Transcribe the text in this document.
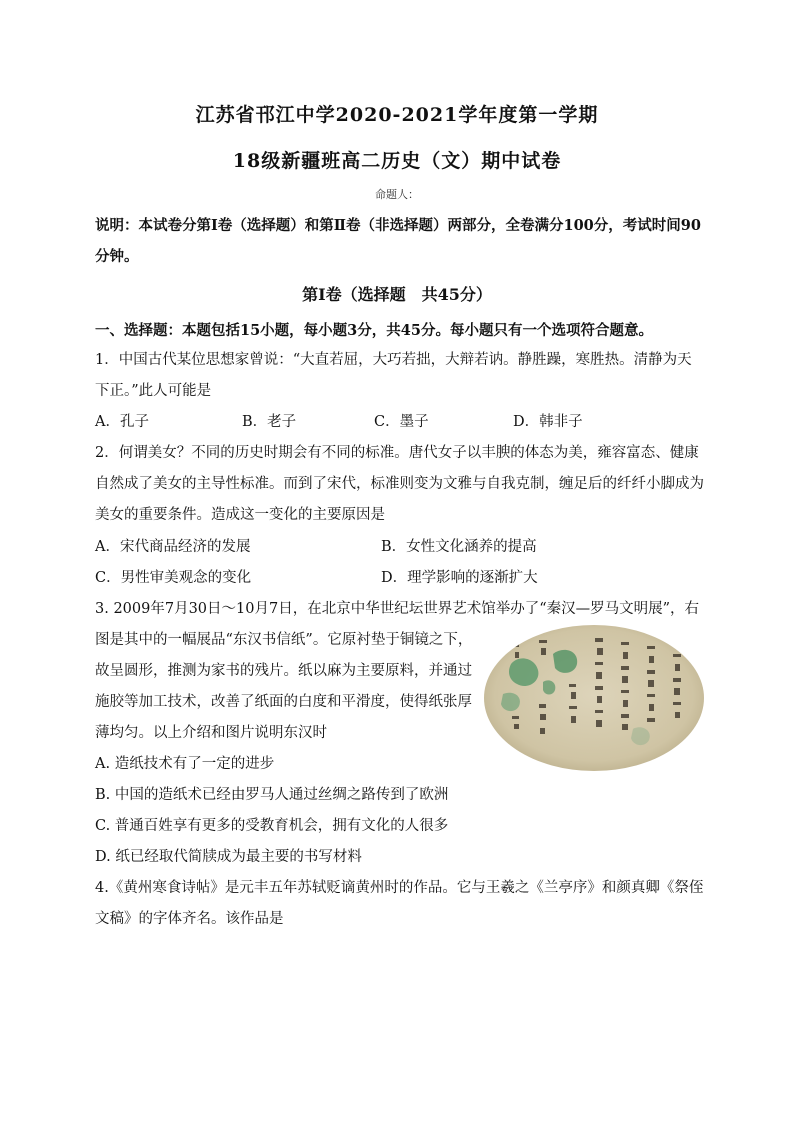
江苏省邗江中学2020-2021学年度第一学期
18级新疆班高二历史（文）期中试卷
命题人：
说明：本试卷分第Ⅰ卷（选择题）和第Ⅱ卷（非选择题）两部分，全卷满分100分，考试时间90分钟。
第Ⅰ卷（选择题　共45分）
一、选择题：本题包括15小题，每小题3分，共45分。每小题只有一个选项符合题意。
1．中国古代某位思想家曾说：“大直若屈，大巧若拙，大辩若讷。静胜躁，寒胜热。清静为天下正。”此人可能是
A．孔子	B．老子	C．墨子	D．韩非子
2．何谓美女？不同的历史时期会有不同的标准。唐代女子以丰腴的体态为美，雍容富态、健康自然成了美女的主导性标准。而到了宋代，标准则变为文雅与自我克制，缠足后的纤纤小脚成为美女的重要条件。造成这一变化的主要原因是
A．宋代商品经济的发展	B．女性文化涵养的提高
C．男性审美观念的变化	D．理学影响的逐渐扩大
3. 2009年7月30日～10月7日，在北京中华世纪坛世界艺术馆举办了“秦汉—罗马文明展”，右
图是其中的一幅展品“东汉书信纸”。它原衬垫于铜镜之下，
故呈圆形，推测为家书的残片。纸以麻为主要原料，并通过
施胶等加工技术，改善了纸面的白度和平滑度，使得纸张厚
薄均匀。以上介绍和图片说明东汉时
A. 造纸技术有了一定的进步
B. 中国的造纸术已经由罗马人通过丝绸之路传到了欧洲
C. 普通百姓享有更多的受教育机会，拥有文化的人很多
D. 纸已经取代简牍成为最主要的书写材料
4.《黄州寒食诗帖》是元丰五年苏轼贬谪黄州时的作品。它与王羲之《兰亭序》和颜真卿《祭侄文稿》的字体齐名。该作品是
